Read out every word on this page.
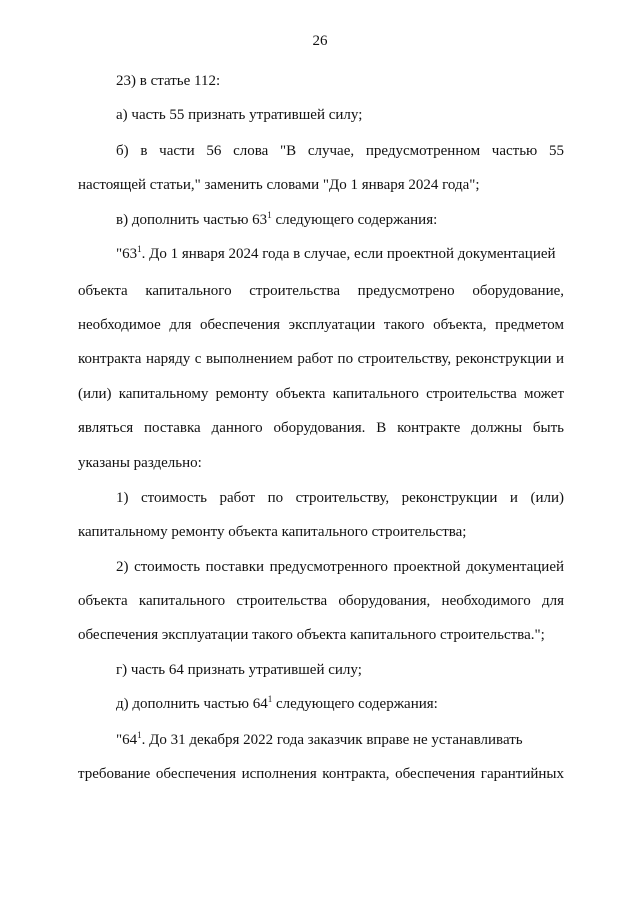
26
23) в статье 112:
а) часть 55 признать утратившей силу;
б) в части 56 слова "В случае, предусмотренном частью 55
настоящей статьи," заменить словами "До 1 января 2024 года";
в) дополнить частью $63^1$ следующего содержания:
"$63^1$. До 1 января 2024 года в случае, если проектной документацией
объекта капитального строительства предусмотрено оборудование,
необходимое для обеспечения эксплуатации такого объекта, предметом
контракта наряду с выполнением работ по строительству, реконструкции и
(или) капитальному ремонту объекта капитального строительства может
являться поставка данного оборудования. В контракте должны быть
указаны раздельно:
1) стоимость работ по строительству, реконструкции и (или)
капитальному ремонту объекта капитального строительства;
2) стоимость поставки предусмотренного проектной документацией
объекта капитального строительства оборудования, необходимого для
обеспечения эксплуатации такого объекта капитального строительства.";
г) часть 64 признать утратившей силу;
д) дополнить частью $64^1$ следующего содержания:
"$64^1$. До 31 декабря 2022 года заказчик вправе не устанавливать
требование обеспечения исполнения контракта, обеспечения гарантийных
